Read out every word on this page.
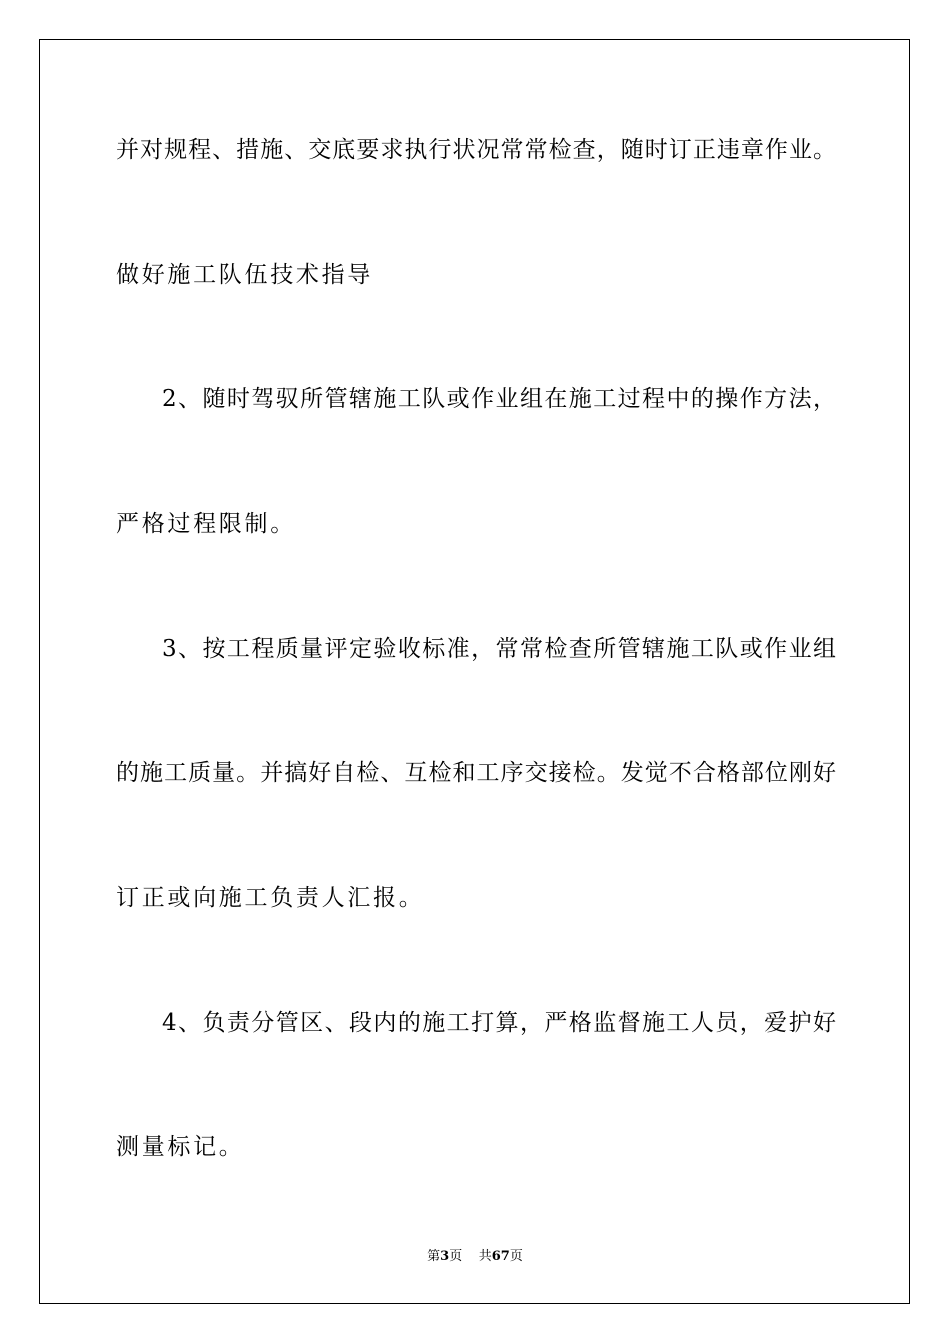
并对规程、措施、交底要求执行状况常常检查，随时订正违章作业。
做好施工队伍技术指导
2、随时驾驭所管辖施工队或作业组在施工过程中的操作方法，
严格过程限制。
3、按工程质量评定验收标准，常常检查所管辖施工队或作业组
的施工质量。并搞好自检、互检和工序交接检。发觉不合格部位刚好
订正或向施工负责人汇报。
4、负责分管区、段内的施工打算，严格监督施工人员，爱护好
测量标记。
第3页 共67页
